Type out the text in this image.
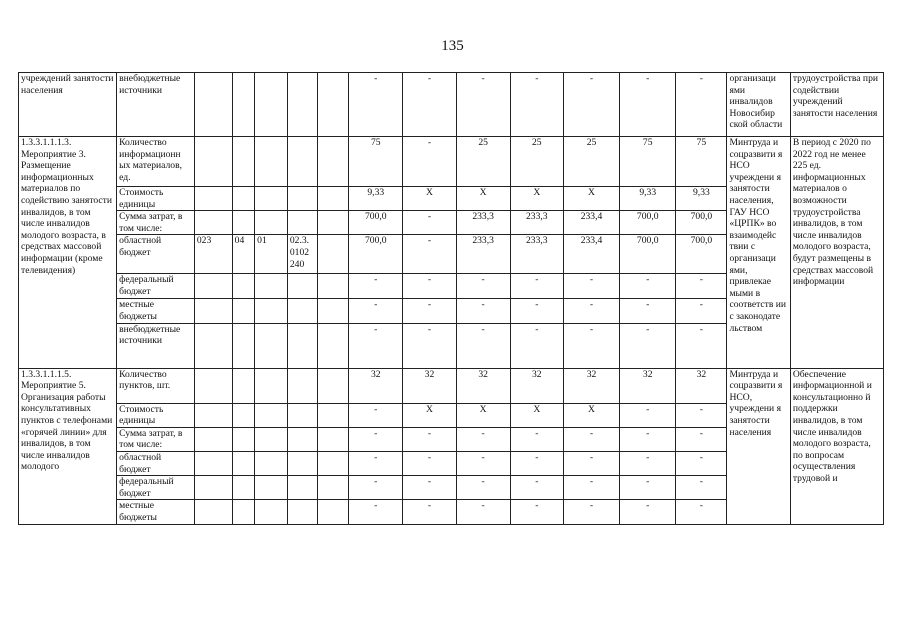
135
учреждений занятости населения	внебюджетные источники						-	-	-	-	-	-	-	организаци ями инвалидов Новосибир ской области	трудоустройства при содействии учреждений занятости населения
1.3.3.1.1.1.3. Мероприятие 3. Размещение информационных материалов по содействию занятости инвалидов, в том числе инвалидов молодого возраста, в средствах массовой информации (кроме телевидения)	Количество информационн ых материалов, ед.						75	-	25	25	25	75	75	Минтруда и соцразвити я НСО учреждени я занятости населения, ГАУ НСО «ЦРПК» во взаимодейс твии с организаци ями, привлекае мыми в соответств ии с законодате льством	В период с 2020 по 2022 год не менее 225 ед. информационных материалов о возможности трудоустройства инвалидов, в том числе инвалидов молодого возраста, будут размещены в средствах массовой информации
	Стоимость единицы						9,33	X	X	X	X	9,33	9,33		
	Сумма затрат, в том числе:						700,0	-	233,3	233,3	233,4	700,0	700,0		
	областной бюджет	023	04	01	02.3. 0102 240		700,0	-	233,3	233,3	233,4	700,0	700,0		
	федеральный бюджет						-	-	-	-	-	-	-		
	местные бюджеты						-	-	-	-	-	-	-		
	внебюджетные источники						-	-	-	-	-	-	-		
1.3.3.1.1.1.5. Мероприятие 5. Организация работы консультативных пунктов с телефонами «горячей линии» для инвалидов, в том числе инвалидов молодого	Количество пунктов, шт.						32	32	32	32	32	32	32	Минтруда и соцразвити я НСО, учреждени я занятости населения	Обеспечение информационной и консультационно й поддержки инвалидов, в том числе инвалидов молодого возраста, по вопросам осуществления трудовой и
	Стоимость единицы						-	X	X	X	X	-	-		
	Сумма затрат, в том числе:						-	-	-	-	-	-	-		
	областной бюджет						-	-	-	-	-	-	-		
	федеральный бюджет						-	-	-	-	-	-	-		
	местные бюджеты						-	-	-	-	-	-	-		
